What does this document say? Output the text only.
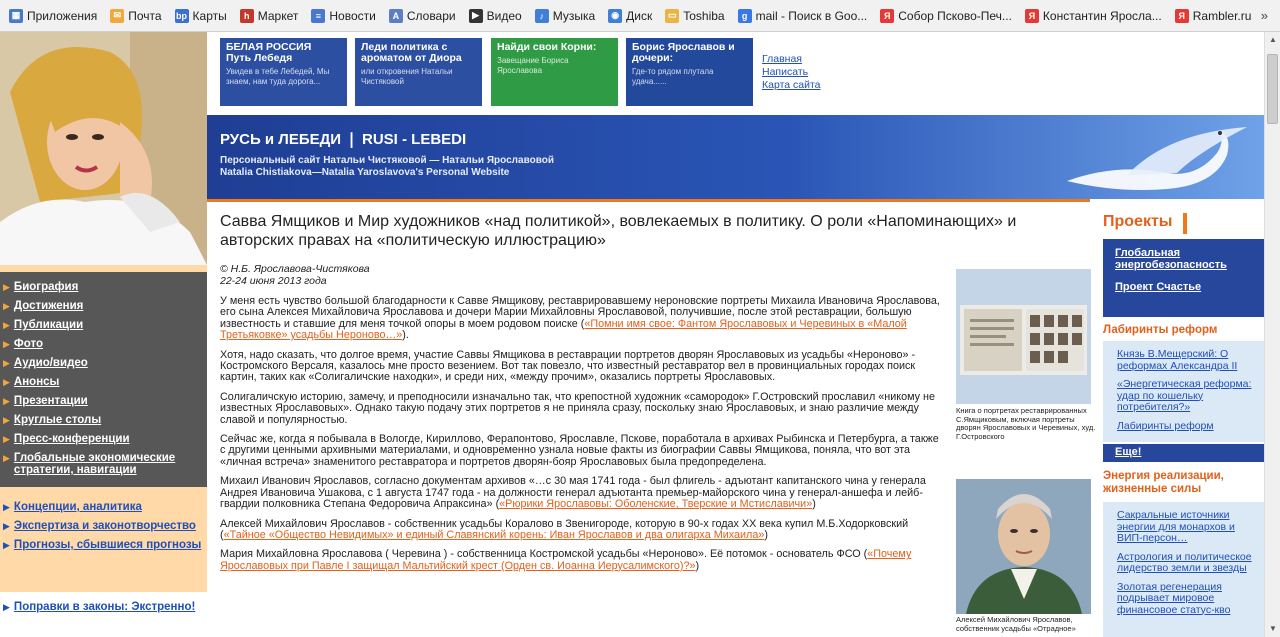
▦ Приложения	✉ Почта bp Карты	h Маркет	≡ Новости	A Словари	▶ Видео	♪ Музыка	◉ Диск	▭ Toshiba	g mail - Поиск в Goo...	Я Собор Псково-Печ...	Я Константин Яросла...	Я Rambler.ru »
▶ Биография
▶ Достижения
▶ Публикации
▶ Фото
▶ Аудио/видео
▶ Анонсы
▶ Презентации
▶ Круглые столы
▶ Пресс-конференции
▶ Глобальные экономические стратегии, навигации
▶ Концепции, аналитика
▶ Экспертиза и законотворчество
▶ Прогнозы, сбывшиеся прогнозы
▶ Поправки в законы: Экстренно!
БЕЛАЯ РОССИЯ
Путь Лебедя
Увидев в тебе Лебедей, Мы знаем, нам туда дорога...
Леди политика с ароматом от Диора
или откровения Натальи Чистяковой
Найди свои Корни:
Завещание Бориса Ярославова
Борис Ярославов и дочери:
Где-то рядом плутала удача......
Главная
Написать
Карта сайта
РУСЬ и ЛЕБЕДИ ❘ RUSI - LEBEDI
Персональный сайт Натальи Чистяковой — Натальи Ярославовой
Natalia Chistiakova—Natalia Yaroslavova's Personal Website
Савва Ямщиков и Мир художников «над политикой», вовлекаемых в политику. О роли «Напоминающих» и авторских правах на «политическую иллюстрацию»
© Н.Б. Ярославова-Чистякова
22-24 июня 2013 года

У меня есть чувство большой благодарности к Савве Ямщикову, реставрировавшему нероновские портреты Михаила Ивановича Ярославова, его сына Алексея Михайловича Ярославова и дочери Марии Михайловны Ярославовой, получившие, после этой реставрации, большую известность и ставшие для меня точкой опоры в моем родовом поиске («Помни имя свое: Фантом Ярославовых и Черевиных в «Малой Третьяковке» усадьбы Нероново…»).

Хотя, надо сказать, что долгое время, участие Саввы Ямщикова в реставрации портретов дворян Ярославовых из усадьбы «Нероново» - Костромского Версаля, казалось мне просто везением. Вот так повезло, что известный реставратор вел в провинциальных городах поиск картин, таких как «Солигаличские находки», и среди них, «между прочим», оказались портреты Ярославовых.

Солигаличскую историю, замечу, и преподносили изначально так, что крепостной художник «самородок» Г.Островский прославил «никому не известных Ярославовых». Однако такую подачу этих портретов я не приняла сразу, поскольку знаю Ярославовых, и знаю различие между славой и популярностью.

Сейчас же, когда я побывала в Вологде, Кириллово, Ферапонтово, Ярославле, Пскове, поработала в архивах Рыбинска и Петербурга, а также с другими ценными архивными материалами, и одновременно узнала новые факты из биографии Саввы Ямщикова, поняла, что вот эта «личная встреча» знаменитого реставратора и портретов дворян-бояр Ярославовых была предопределена.

Михаил Иванович Ярославов, согласно документам архивов «…с 30 мая 1741 года - был флигель - адъютант капитанского чина у генерала Андрея Ивановича Ушакова, с 1 августа 1747 года - на должности генерал адъютанта премьер-майорского чина у генерал-аншефа и лейб-гвардии полковника Степана Федоровича Апраксина» («Рюрики Ярославовы: Оболенские, Тверские и Мстиславичи»)

Алексей Михайлович Ярославов - собственник усадьбы Коралово в Звенигороде, которую в 90-х годах ХХ века купил М.Б.Ходорковский («Тайное «Общество Невидимых» и единый Славянский корень: Иван Ярославов и два олигарха Михаила»)

Мария Михайловна Ярославова ( Черевина ) - собственница Костромской усадьбы «Нероново». Её потомок - основатель ФСО («Почему Ярославовых при Павле I защищал Мальтийский крест (Орден св. Иоанна Иерусалимского)?»)

Книга о портретах реставрированных С.Ямщиковым, включая портреты дворян Ярославовых и Черевиных, худ. Г.Островского
Алексей Михайлович Ярославов, собственник усадьбы «Отрадное»
Проекты
Глобальная энергобезопасность
Проект Счастье
Лабиринты реформ
Князь В.Мещерский: О реформах Александра II
«Энергетическая реформа: удар по кошельку потребителя?»
Лабиринты реформ
Еще!
Энергия реализации, жизненные силы
Сакральные источники энергии для монархов и ВИП-персон…
Астрология и политическое лидерство земли и звезды
Золотая регенерация подрывает мировое финансовое статус-кво
▲
▼
